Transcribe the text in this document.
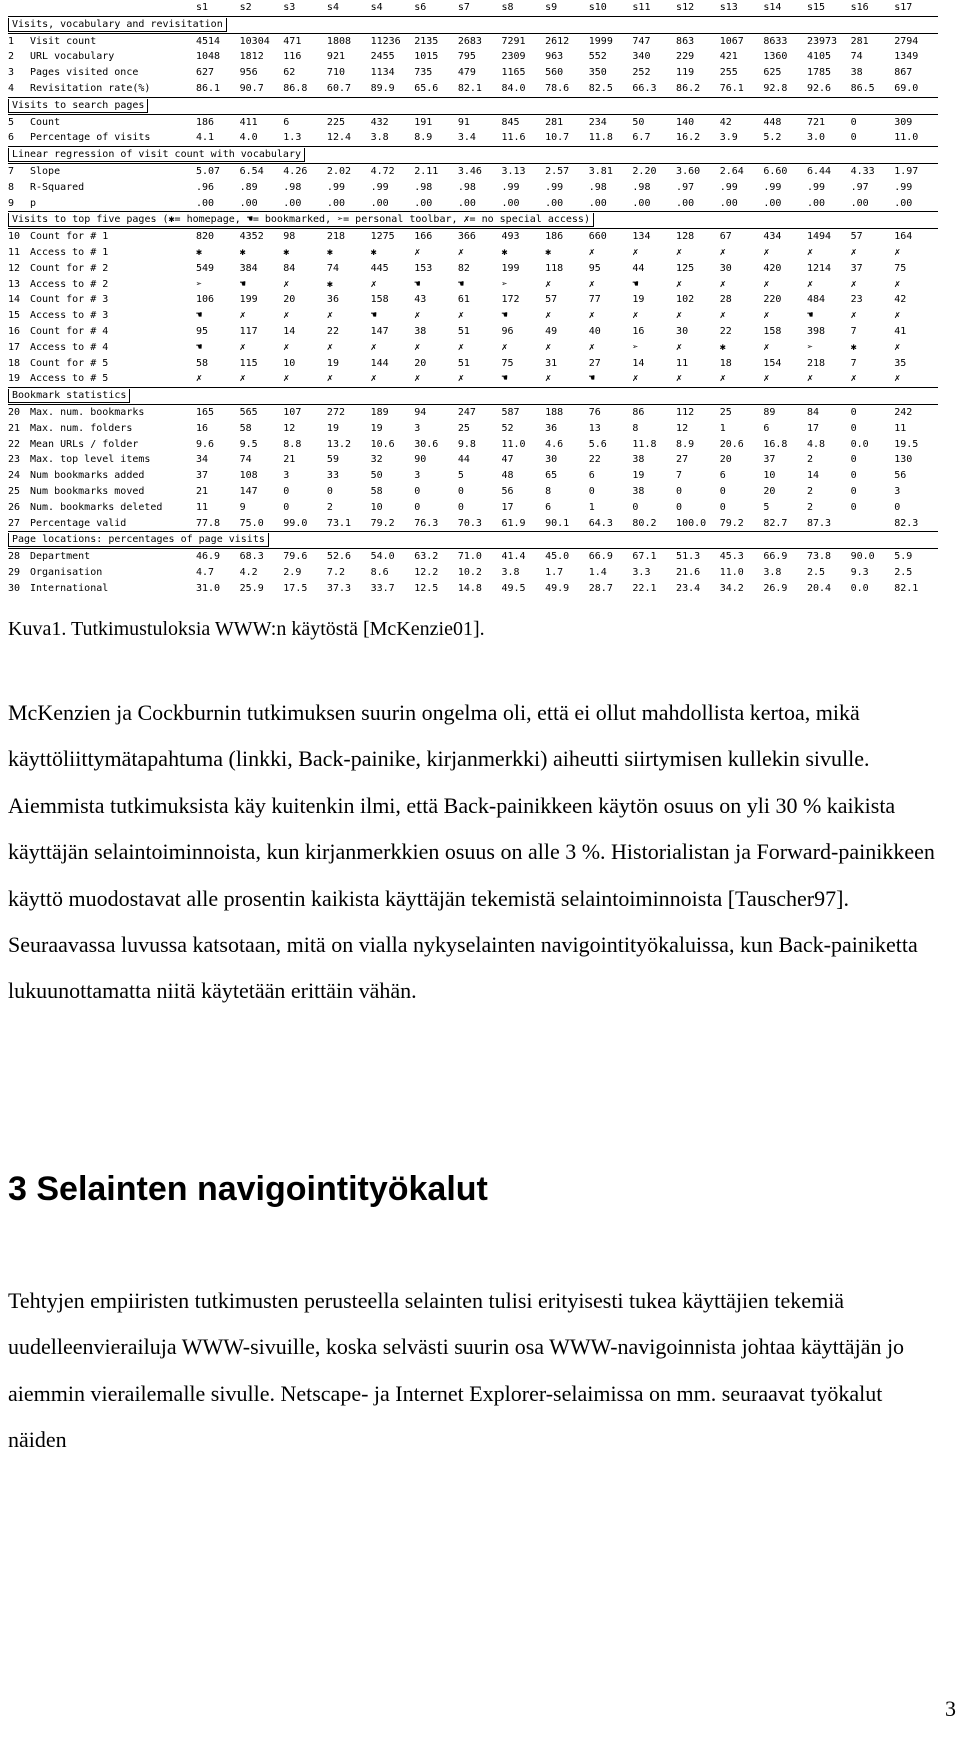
		s1	s2	s3	s4	s4	s6	s7	s8	s9	s10	s11	s12	s13	s14	s15	s16	s17
Visits, vocabulary and revisitation																		
1	Visit count	4514	10304	471	1808	11236	2135	2683	7291	2612	1999	747	863	1067	8633	23973	281	2794
2	URL vocabulary	1048	1812	116	921	2455	1015	795	2309	963	552	340	229	421	1360	4105	74	1349
3	Pages visited once	627	956	62	710	1134	735	479	1165	560	350	252	119	255	625	1785	38	867
4	Revisitation rate(%)	86.1	90.7	86.8	60.7	89.9	65.6	82.1	84.0	78.6	82.5	66.3	86.2	76.1	92.8	92.6	86.5	69.0
Visits to search pages																		
5	Count	186	411	6	225	432	191	91	845	281	234	50	140	42	448	721	0	309
6	Percentage of visits	4.1	4.0	1.3	12.4	3.8	8.9	3.4	11.6	10.7	11.8	6.7	16.2	3.9	5.2	3.0	0	11.0
Linear regression of visit count with vocabulary																		
7	Slope	5.07	6.54	4.26	2.02	4.72	2.11	3.46	3.13	2.57	3.81	2.20	3.60	2.64	6.60	6.44	4.33	1.97
8	R-Squared	.96	.89	.98	.99	.99	.98	.98	.99	.99	.98	.98	.97	.99	.99	.99	.97	.99
9	p	.00	.00	.00	.00	.00	.00	.00	.00	.00	.00	.00	.00	.00	.00	.00	.00	.00
Visits to top five pages (✱= homepage, ☚= bookmarked, ➢= personal toolbar, ✗= no special access)																		
10	Count for # 1	820	4352	98	218	1275	166	366	493	186	660	134	128	67	434	1494	57	164
11	Access to # 1	✱	✱	✱	✱	✱	✗	✗	✱	✱	✗	✗	✗	✗	✗	✗	✗	✗
12	Count for # 2	549	384	84	74	445	153	82	199	118	95	44	125	30	420	1214	37	75
13	Access to # 2	➢	☚	✗	✱	✗	☚	☚	➢	✗	✗	☚	✗	✗	✗	✗	✗	✗
14	Count for # 3	106	199	20	36	158	43	61	172	57	77	19	102	28	220	484	23	42
15	Access to # 3	☚	✗	✗	✗	☚	✗	✗	☚	✗	✗	✗	✗	✗	✗	☚	✗	✗
16	Count for # 4	95	117	14	22	147	38	51	96	49	40	16	30	22	158	398	7	41
17	Access to # 4	☚	✗	✗	✗	✗	✗	✗	✗	✗	✗	➢	✗	✱	✗	➢	✱	✗
18	Count for # 5	58	115	10	19	144	20	51	75	31	27	14	11	18	154	218	7	35
19	Access to # 5	✗	✗	✗	✗	✗	✗	✗	☚	✗	☚	✗	✗	✗	✗	✗	✗	✗
Bookmark statistics																		
20	Max. num. bookmarks	165	565	107	272	189	94	247	587	188	76	86	112	25	89	84	0	242
21	Max. num. folders	16	58	12	19	19	3	25	52	36	13	8	12	1	6	17	0	11
22	Mean URLs / folder	9.6	9.5	8.8	13.2	10.6	30.6	9.8	11.0	4.6	5.6	11.8	8.9	20.6	16.8	4.8	0.0	19.5
23	Max. top level items	34	74	21	59	32	90	44	47	30	22	38	27	20	37	2	0	130
24	Num bookmarks added	37	108	3	33	50	3	5	48	65	6	19	7	6	10	14	0	56
25	Num bookmarks moved	21	147	0	0	58	0	0	56	8	0	38	0	0	20	2	0	3
26	Num. bookmarks deleted	11	9	0	2	10	0	0	17	6	1	0	0	0	5	2	0	0
27	Percentage valid	77.8	75.0	99.0	73.1	79.2	76.3	70.3	61.9	90.1	64.3	80.2	100.0	79.2	82.7	87.3		82.3
Page locations: percentages of page visits																		
28	Department	46.9	68.3	79.6	52.6	54.0	63.2	71.0	41.4	45.0	66.9	67.1	51.3	45.3	66.9	73.8	90.0	5.9
29	Organisation	4.7	4.2	2.9	7.2	8.6	12.2	10.2	3.8	1.7	1.4	3.3	21.6	11.0	3.8	2.5	9.3	2.5
30	International	31.0	25.9	17.5	37.3	33.7	12.5	14.8	49.5	49.9	28.7	22.1	23.4	34.2	26.9	20.4	0.0	82.1
Kuva1. Tutkimustuloksia WWW:n käytöstä [McKenzie01].

McKenzien ja Cockburnin tutkimuksen suurin ongelma oli, että ei ollut mahdollista kertoa, mikä käyttöliittymätapahtuma (linkki, Back-painike, kirjanmerkki) aiheutti siirtymisen kullekin sivulle. Aiemmista tutkimuksista käy kuitenkin ilmi, että Back-painikkeen käytön osuus on yli 30 % kaikista käyttäjän selaintoiminnoista, kun kirjanmerkkien osuus on alle 3 %. Historialistan ja Forward-painikkeen käyttö muodostavat alle prosentin kaikista käyttäjän tekemistä selaintoiminnoista [Tauscher97]. Seuraavassa luvussa katsotaan, mitä on vialla nykyselainten navigointityökaluissa, kun Back-painiketta lukuunottamatta niitä käytetään erittäin vähän.

3 Selainten navigointityökalut

Tehtyjen empiiristen tutkimusten perusteella selainten tulisi erityisesti tukea käyttäjien tekemiä uudelleenvierailuja WWW-sivuille, koska selvästi suurin osa WWW-navigoinnista johtaa käyttäjän jo aiemmin vierailemalle sivulle. Netscape- ja Internet Explorer-selaimissa on mm. seuraavat työkalut näiden

3
